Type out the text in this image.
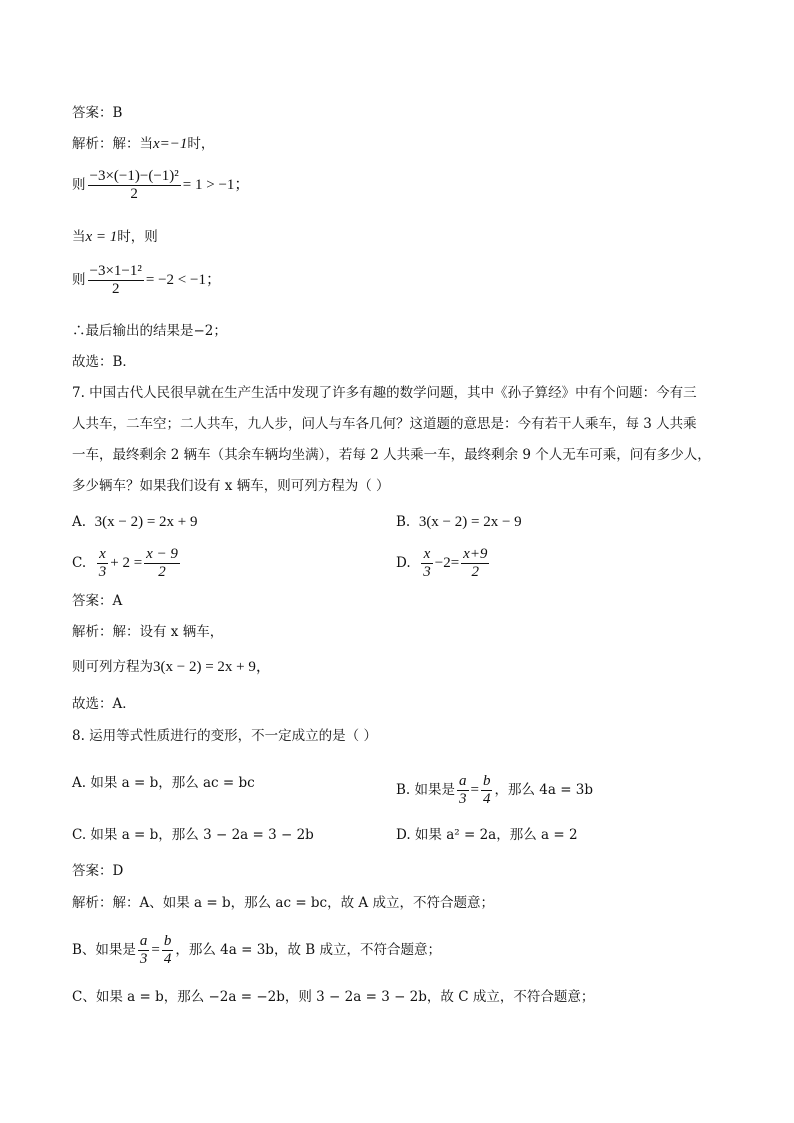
答案：B
解析：解：当x=−1时，
则 $\frac{\text{−3×(−1)−(−1)²}}{2} = 1 > -1$；
当x = 1时，则
则 $\frac{\text{−3×1−1²}}{2} = -2 < -1$；
∴最后输出的结果是−2；
故选：B．
7. 中国古代人民很早就在生产生活中发现了许多有趣的数学问题，其中《孙子算经》中有个问题：今有三
人共车，二车空；二人共车，九人步，问人与车各几何？这道题的意思是：今有若干人乘车，每 3 人共乘
一车，最终剩余 2 辆车（其余车辆均坐满），若每 2 人共乘一车，最终剩余 9 个人无车可乘，问有多少人，
多少辆车？如果我们设有 x 辆车，则可列方程为（ ）
A. 3(x − 2) = 2x + 9	B. 3(x − 2) = 2x − 9
C. $\frac{x}{3} + 2 = \frac{x - 9}{2}$	D. $\frac{x}{3} -2= \frac{x+9}{2}$
答案：A
解析：解：设有 x 辆车，
则可列方程为3(x − 2) = 2x + 9，
故选：A．
8. 运用等式性质进行的变形，不一定成立的是（ ）
A. 如果 a = b，那么 ac = bc	B. 如果是 $\frac{a}{3} = \frac{b}{4}$ ，那么 4a = 3b
C. 如果 a = b，那么 3 − 2a = 3 − 2b	D. 如果 a² = 2a，那么 a = 2
答案：D
解析：解：A、如果 a = b，那么 ac = bc，故 A 成立，不符合题意；
B、如果是 $\frac{a}{3} = \frac{b}{4}$ ，那么 4a = 3b，故 B 成立，不符合题意；
C、如果 a = b，那么 −2a = −2b，则 3 − 2a = 3 − 2b，故 C 成立，不符合题意；
